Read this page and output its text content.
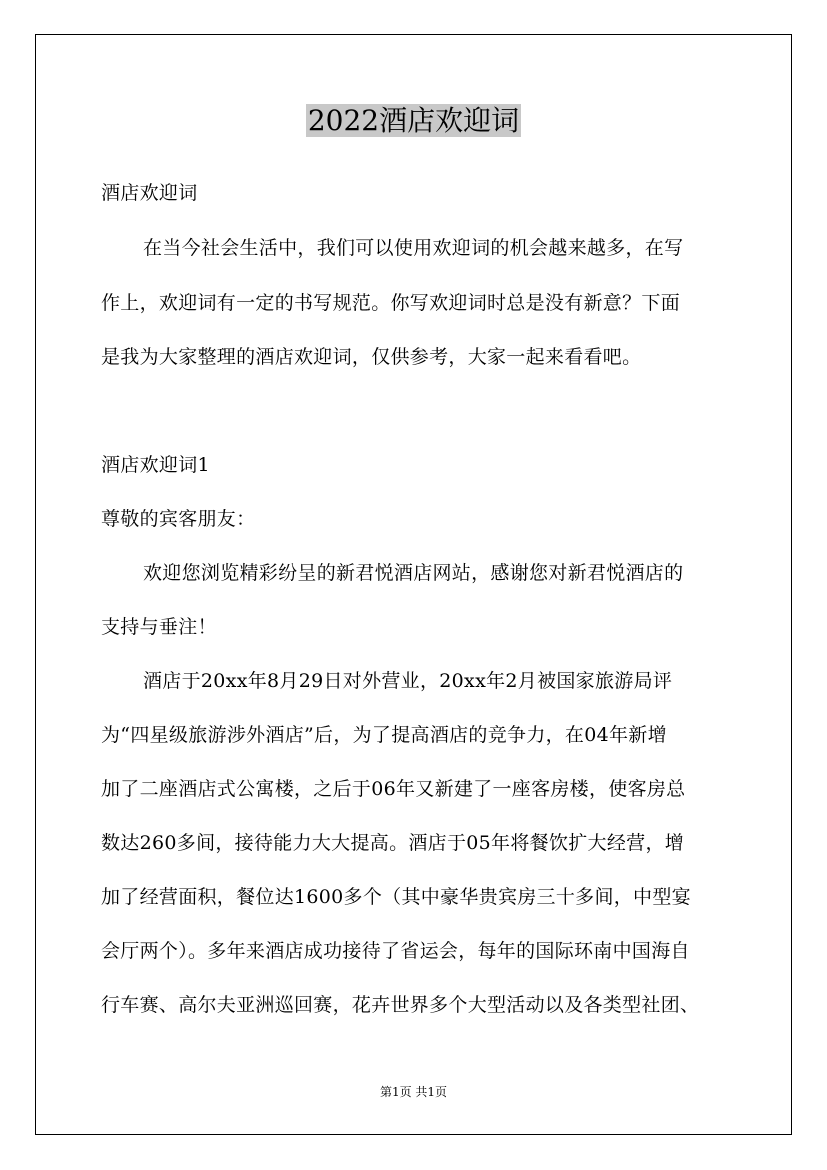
2022酒店欢迎词
酒店欢迎词
在当今社会生活中，我们可以使用欢迎词的机会越来越多，在写
作上，欢迎词有一定的书写规范。你写欢迎词时总是没有新意？下面
是我为大家整理的酒店欢迎词，仅供参考，大家一起来看看吧。
酒店欢迎词1
尊敬的宾客朋友：
欢迎您浏览精彩纷呈的新君悦酒店网站，感谢您对新君悦酒店的
支持与垂注！
酒店于20xx年8月29日对外营业，20xx年2月被国家旅游局评
为“四星级旅游涉外酒店”后，为了提高酒店的竞争力，在04年新增
加了二座酒店式公寓楼，之后于06年又新建了一座客房楼，使客房总
数达260多间，接待能力大大提高。酒店于05年将餐饮扩大经营，增
加了经营面积，餐位达1600多个（其中豪华贵宾房三十多间，中型宴
会厅两个）。多年来酒店成功接待了省运会，每年的国际环南中国海自
行车赛、高尔夫亚洲巡回赛，花卉世界多个大型活动以及各类型社团、
第1页 共1页
